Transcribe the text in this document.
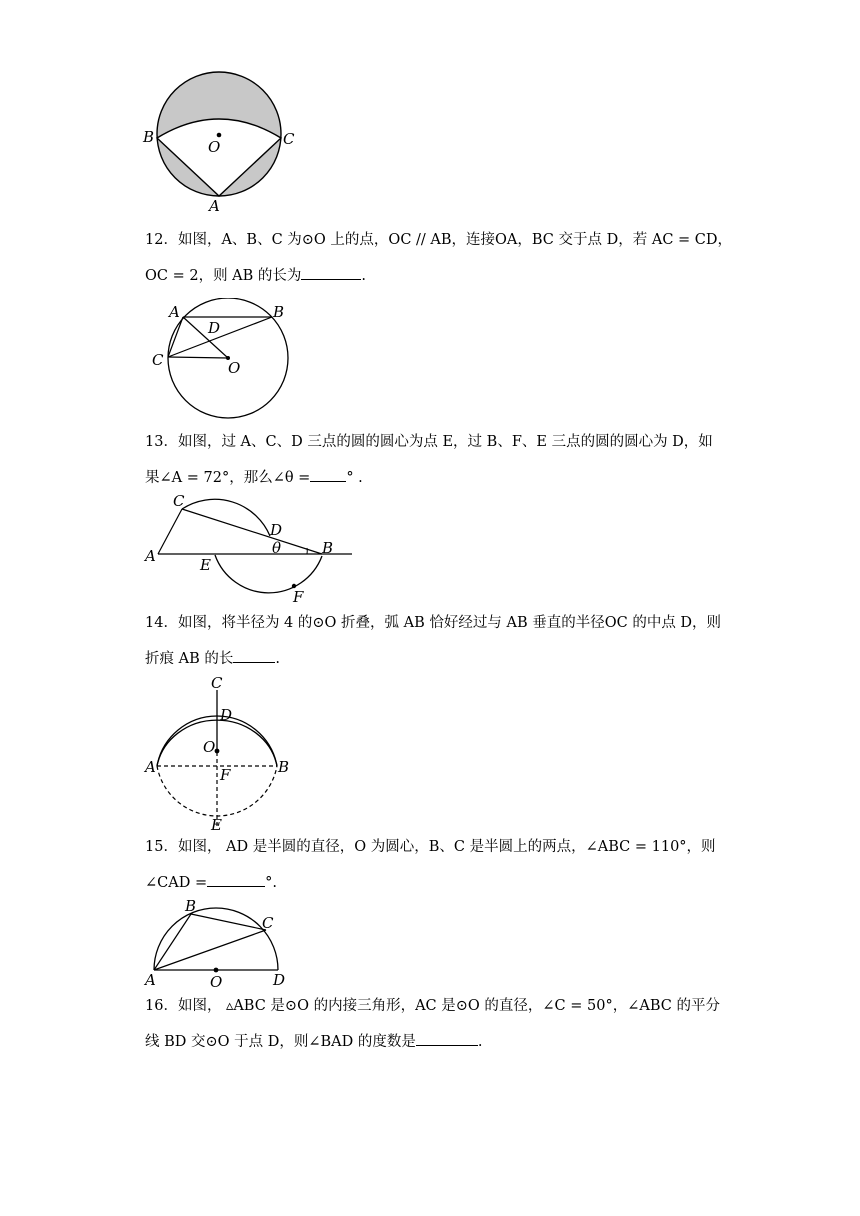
B	C
O
A
12．如图，A、B、C 为⊙O 上的点，OC // AB，连接OA，BC 交于点 D，若 AC = CD，
OC = 2，则 AB 的长为	.
A	B
D
C	O
13．如图，过 A、C、D 三点的圆的圆心为点 E，过 B、F、E 三点的圆的圆心为 D，如
果∠A = 72°，那么∠θ = ° .
C
D
θ	B
A	E
F
14．如图，将半径为 4 的⊙O 折叠，弧 AB 恰好经过与 AB 垂直的半径OC 的中点 D，则
折痕 AB 的长	.
C
D
O
A	F	B
E
15．如图， AD 是半圆的直径，O 为圆心，B、C 是半圆上的两点，∠ABC = 110°，则
∠CAD =	°.
B
C
A	O	D
16．如图， ▵ABC 是⊙O 的内接三角形，AC 是⊙O 的直径，∠C = 50°，∠ABC 的平分
线 BD 交⊙O 于点 D，则∠BAD 的度数是	.
